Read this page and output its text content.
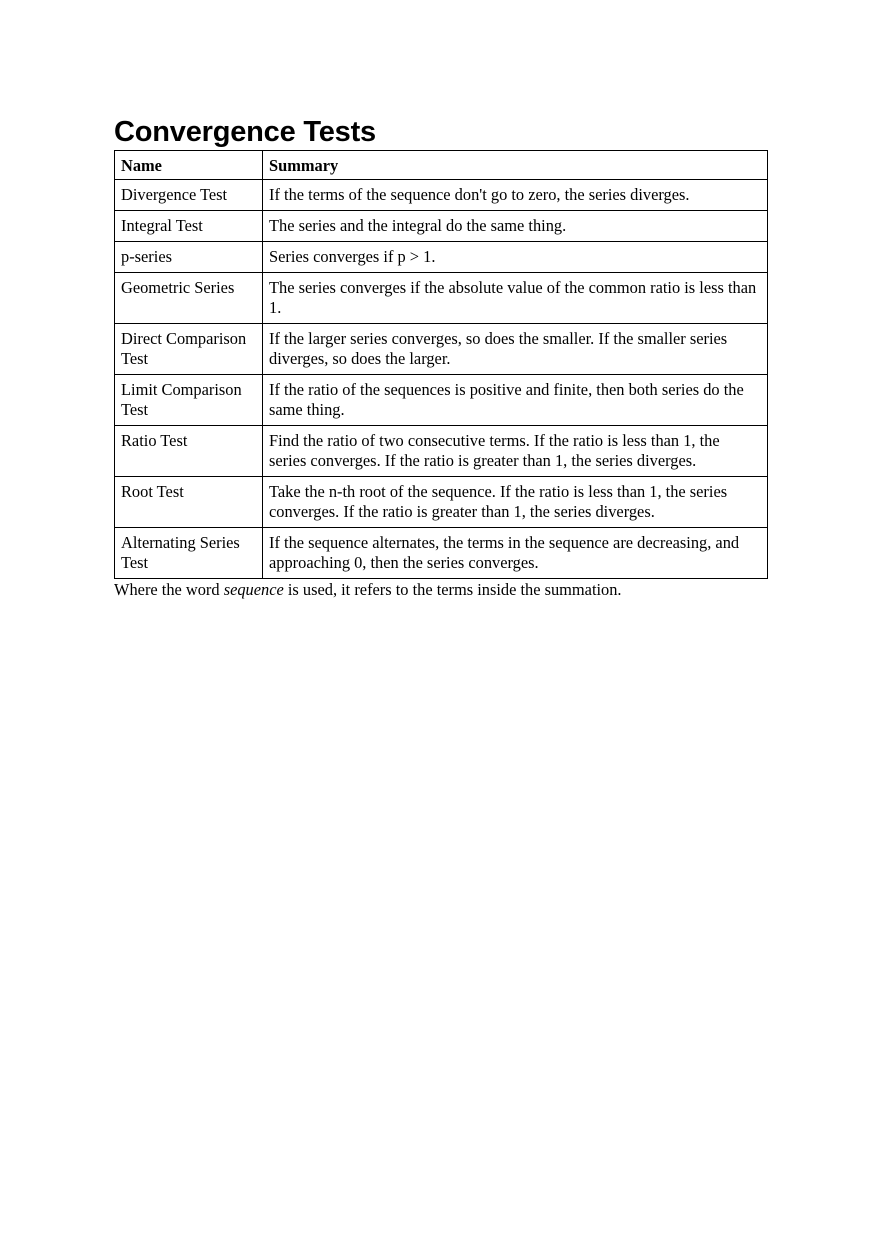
Convergence Tests
Name	Summary
Divergence Test	If the terms of the sequence don't go to zero, the series diverges.
Integral Test	The series and the integral do the same thing.
p-series	Series converges if p > 1.
Geometric Series	The series converges if the absolute value of the common ratio is less than 1.
Direct Comparison Test	If the larger series converges, so does the smaller. If the smaller series diverges, so does the larger.
Limit Comparison Test	If the ratio of the sequences is positive and finite, then both series do the same thing.
Ratio Test	Find the ratio of two consecutive terms. If the ratio is less than 1, the series converges. If the ratio is greater than 1, the series diverges.
Root Test	Take the n-th root of the sequence. If the ratio is less than 1, the series converges. If the ratio is greater than 1, the series diverges.
Alternating Series Test	If the sequence alternates, the terms in the sequence are decreasing, and approaching 0, then the series converges.

Where the word sequence is used, it refers to the terms inside the summation.
